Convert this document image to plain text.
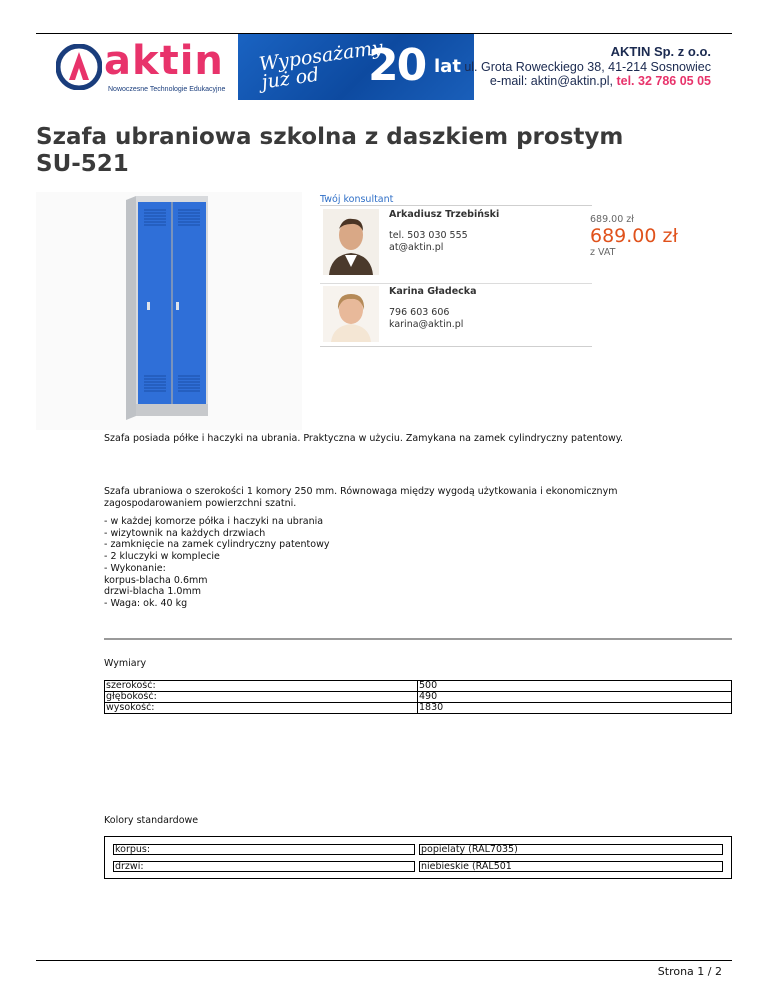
aktin
Nowoczesne Technologie Edukacyjne
Wyposażamy już od	20 lat
AKTIN Sp. z o.o.
ul. Grota Roweckiego 38, 41-214 Sosnowiec
e-mail: aktin@aktin.pl, tel. 32 786 05 05
Szafa ubraniowa szkolna z daszkiem prostym SU-521
Twój konsultant
Arkadiusz Trzebiński
tel. 503 030 555
at@aktin.pl
Karina Gładecka
796 603 606
karina@aktin.pl
689.00 zł
689.00 zł
z VAT
Szafa posiada półke i haczyki na ubrania. Praktyczna w użyciu. Zamykana na zamek cylindryczny patentowy.
Szafa ubraniowa o szerokości 1 komory 250 mm. Równowaga między wygodą użytkowania i ekonomicznym zagospodarowaniem powierzchni szatni.
- w każdej komorze półka i haczyki na ubrania
- wizytownik na każdych drzwiach
- zamknięcie na zamek cylindryczny patentowy
- 2 kluczyki w komplecie
- Wykonanie:
korpus-blacha 0.6mm
drzwi-blacha 1.0mm
- Waga: ok. 40 kg
Wymiary
szerokość:	500
głębokość:	490
wysokość:	1830
Kolory standardowe
korpus:	popielaty (RAL7035)
drzwi:	niebieskie (RAL501
Strona 1 / 2
